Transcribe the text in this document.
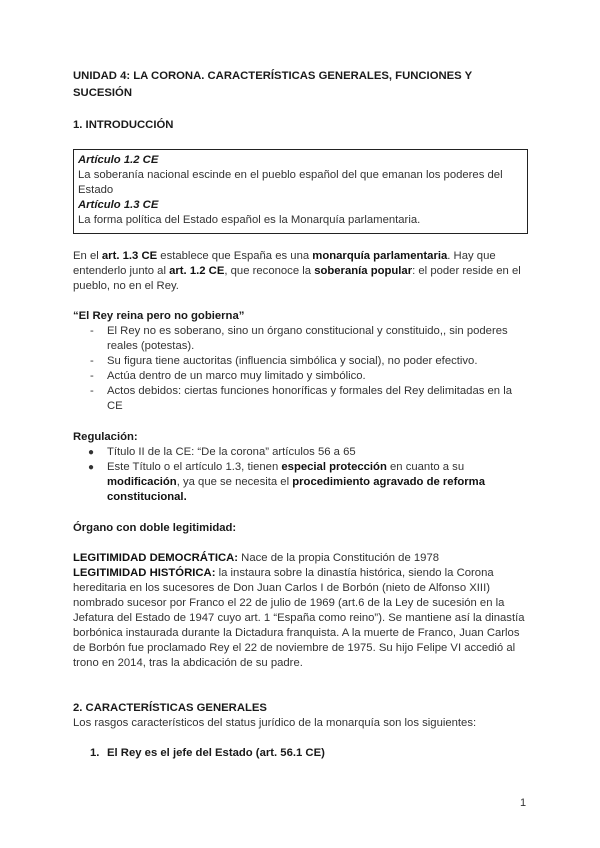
UNIDAD 4: LA CORONA. CARACTERÍSTICAS GENERALES, FUNCIONES Y SUCESIÓN

1. INTRODUCCIÓN

Artículo 1.2 CE
La soberanía nacional escinde en el pueblo español del que emanan los poderes del Estado
Artículo 1.3 CE
La forma política del Estado español es la Monarquía parlamentaria.

En el art. 1.3 CE establece que España es una monarquía parlamentaria. Hay que entenderlo junto al art. 1.2 CE, que reconoce la soberanía popular: el poder reside en el pueblo, no en el Rey.

“El Rey reina pero no gobierna”

- El Rey no es soberano, sino un órgano constitucional y constituido,, sin poderes reales (potestas).
- Su figura tiene auctoritas (influencia simbólica y social), no poder efectivo.
- Actúa dentro de un marco muy limitado y simbólico.
- Actos debidos: ciertas funciones honoríficas y formales del Rey delimitadas en la CE

Regulación:

● Título II de la CE: “De la corona” artículos 56 a 65
● Este Título o el artículo 1.3, tienen especial protección en cuanto a su modificación, ya que se necesita el procedimiento agravado de reforma constitucional.

Órgano con doble legitimidad:

LEGITIMIDAD DEMOCRÁTICA: Nace de la propia Constitución de 1978

LEGITIMIDAD HISTÓRICA: la instaura sobre la dinastía histórica, siendo la Corona hereditaria en los sucesores de Don Juan Carlos I de Borbón (nieto de Alfonso XIII) nombrado sucesor por Franco el 22 de julio de 1969 (art.6 de la Ley de sucesión en la Jefatura del Estado de 1947 cuyo art. 1 “España como reino”). Se mantiene así la dinastía borbónica instaurada durante la Dictadura franquista. A la muerte de Franco, Juan Carlos de Borbón fue proclamado Rey el 22 de noviembre de 1975. Su hijo Felipe VI accedió al trono en 2014, tras la abdicación de su padre.

2. CARACTERÍSTICAS GENERALES

Los rasgos característicos del status jurídico de la monarquía son los siguientes:

1. El Rey es el jefe del Estado (art. 56.1 CE)
1
